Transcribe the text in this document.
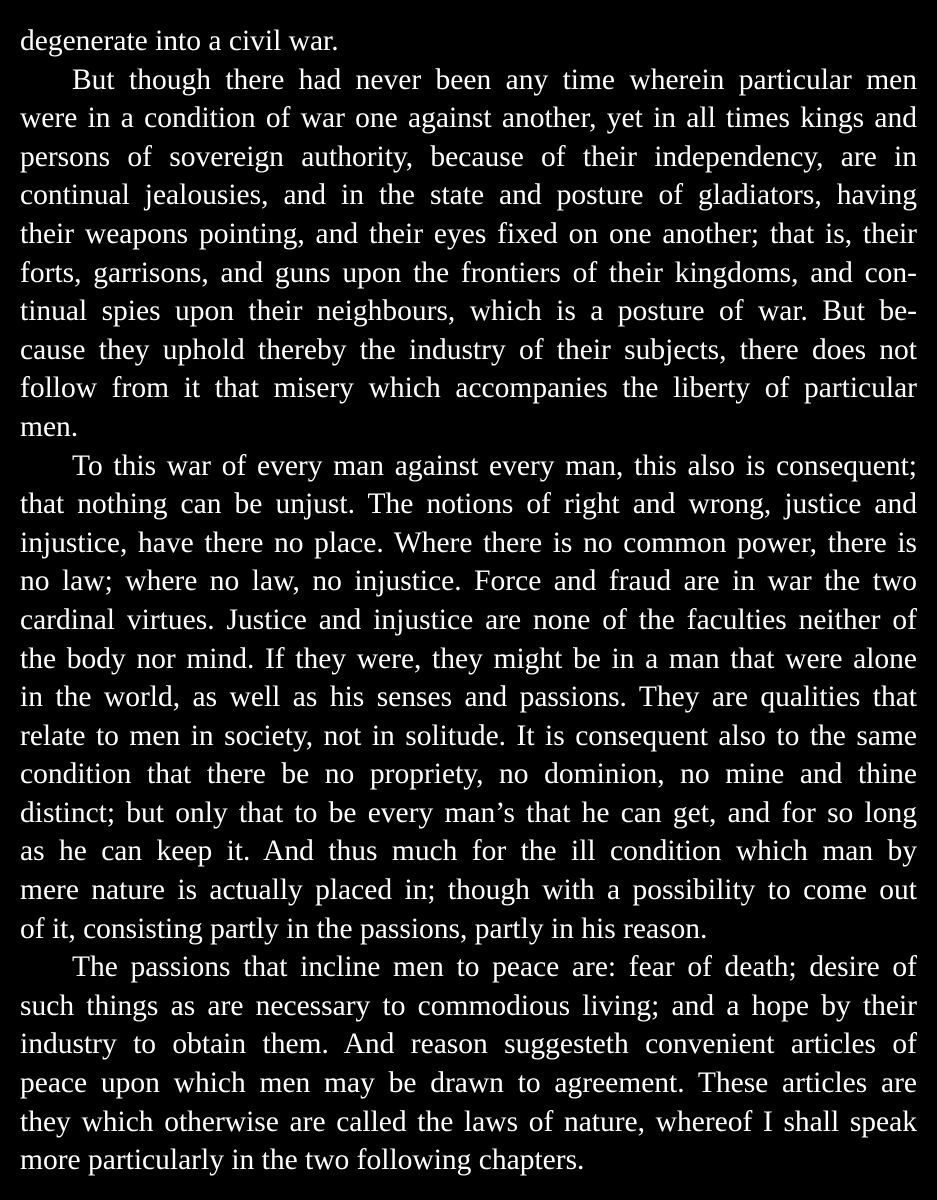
degenerate into a civil war.
But though there had never been any time wherein particular men
were in a condition of war one against another, yet in all times kings and
persons of sovereign authority, because of their independency, are in
continual jealousies, and in the state and posture of gladiators, having
their weapons pointing, and their eyes fixed on one another; that is, their
forts, garrisons, and guns upon the frontiers of their kingdoms, and con-
tinual spies upon their neighbours, which is a posture of war. But be-
cause they uphold thereby the industry of their subjects, there does not
follow from it that misery which accompanies the liberty of particular
men.
To this war of every man against every man, this also is consequent;
that nothing can be unjust. The notions of right and wrong, justice and
injustice, have there no place. Where there is no common power, there is
no law; where no law, no injustice. Force and fraud are in war the two
cardinal virtues. Justice and injustice are none of the faculties neither of
the body nor mind. If they were, they might be in a man that were alone
in the world, as well as his senses and passions. They are qualities that
relate to men in society, not in solitude. It is consequent also to the same
condition that there be no propriety, no dominion, no mine and thine
distinct; but only that to be every man’s that he can get, and for so long
as he can keep it. And thus much for the ill condition which man by
mere nature is actually placed in; though with a possibility to come out
of it, consisting partly in the passions, partly in his reason.
The passions that incline men to peace are: fear of death; desire of
such things as are necessary to commodious living; and a hope by their
industry to obtain them. And reason suggesteth convenient articles of
peace upon which men may be drawn to agreement. These articles are
they which otherwise are called the laws of nature, whereof I shall speak
more particularly in the two following chapters.
